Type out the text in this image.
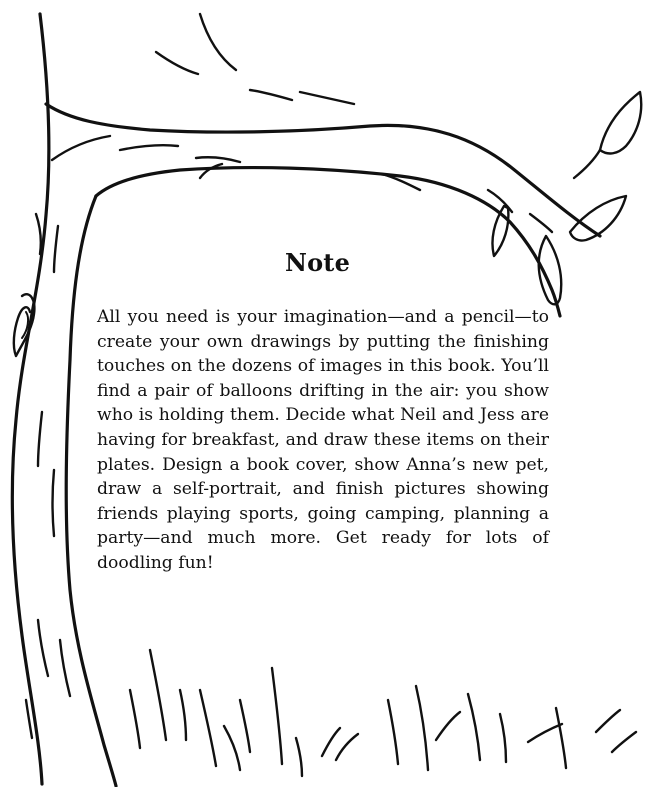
Note

All you need is your imagination—and a pencil—to create your own drawings by putting the finishing touches on the dozens of images in this book. You’ll find a pair of balloons drifting in the air: you show who is holding them. Decide what Neil and Jess are having for breakfast, and draw these items on their plates. Design a book cover, show Anna’s new pet, draw a self-portrait, and finish pictures showing friends playing sports, going camping, planning a party—and much more. Get ready for lots of doodling fun!
